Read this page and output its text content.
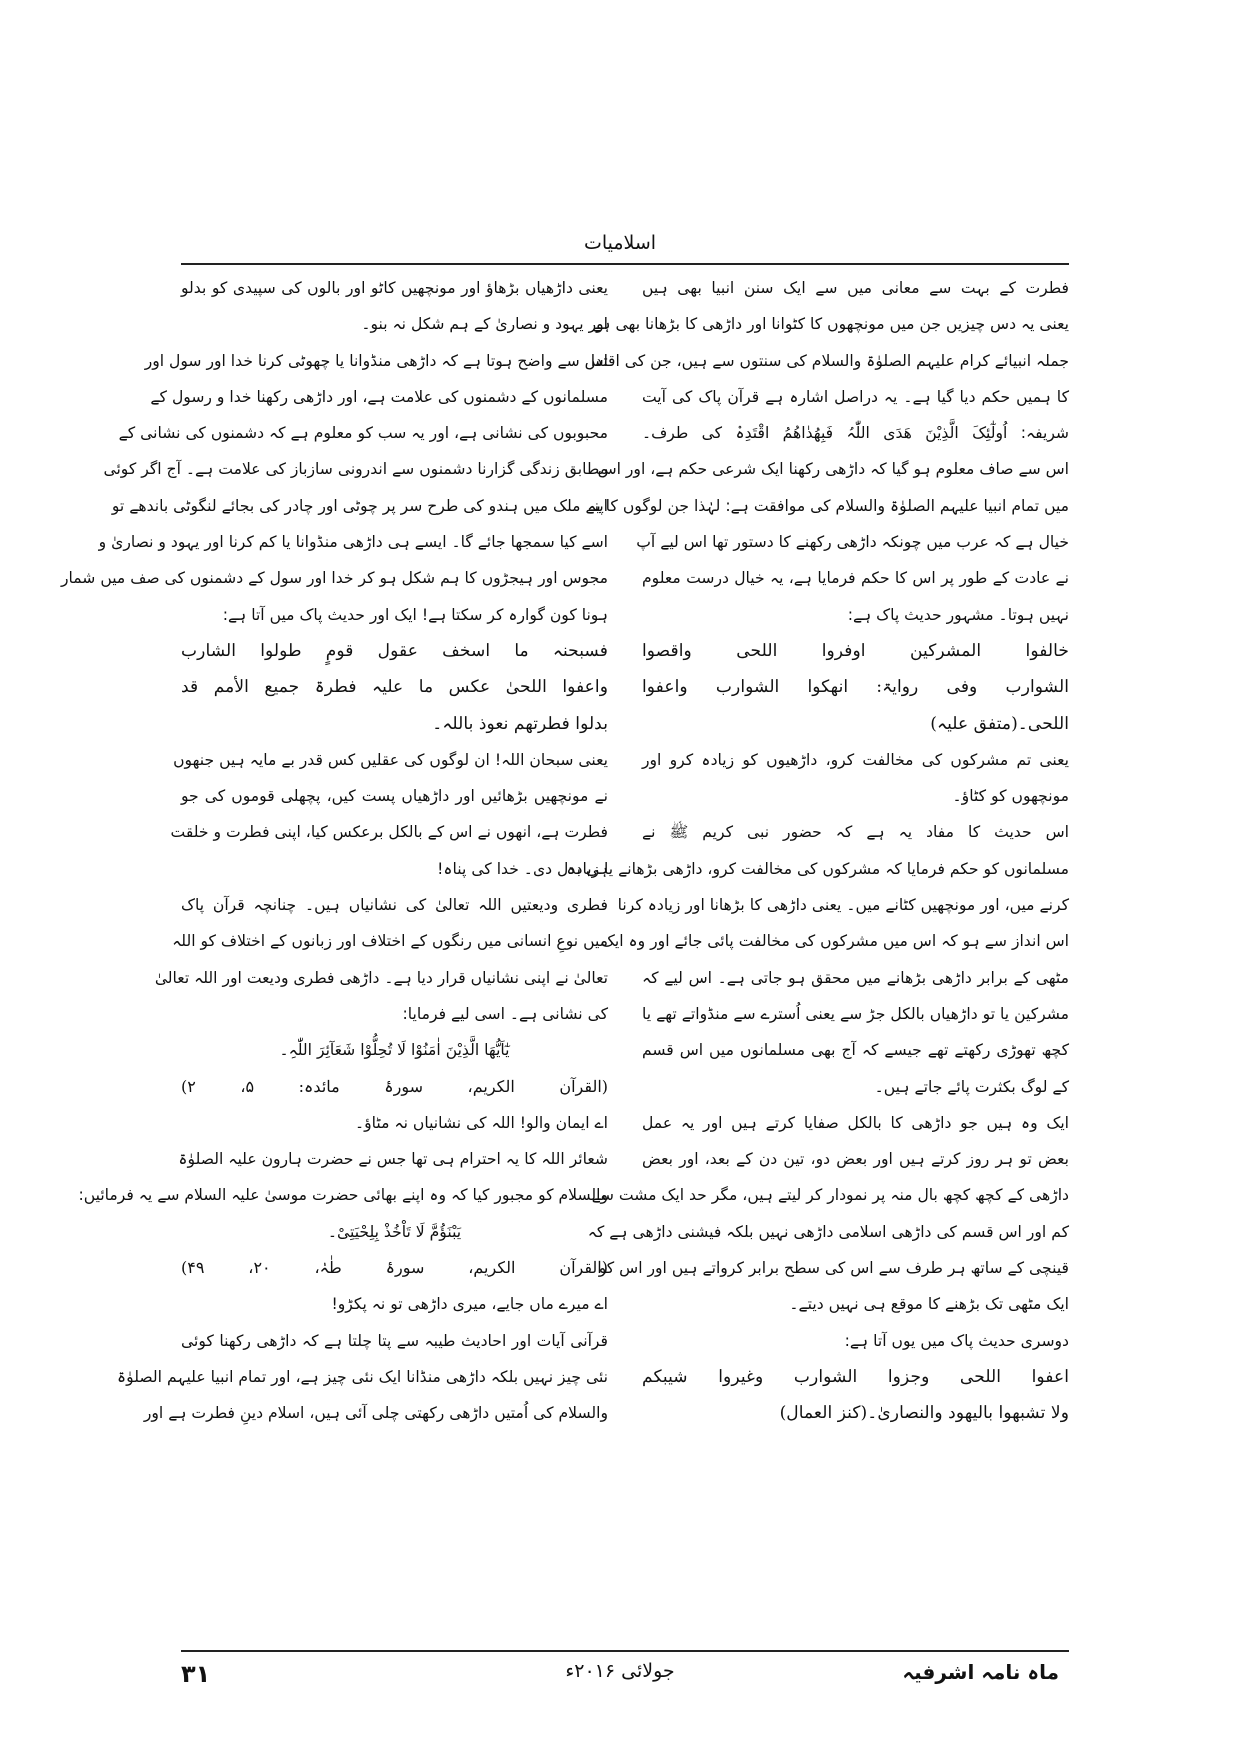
اسلامیات
فطرت کے بہت سے معانی میں سے ایک سنن انبیا بھی ہیں
یعنی یہ دس چیزیں جن میں مونچھوں کا کٹوانا اور داڑھی کا بڑھانا بھی ہے
جملہ انبیائے کرام علیہم الصلوٰۃ والسلام کی سنتوں سے ہیں، جن کی اقتدا
کا ہمیں حکم دیا گیا ہے۔ یہ دراصل اشارہ ہے قرآن پاک کی آیت
شریفہ: اُولٰٓئِکَ الَّذِیْنَ ھَدَی اللّٰہُ فَبِھُدٰاھُمُ اقْتَدِہْ کی طرف۔
اس سے صاف معلوم ہو گیا کہ داڑھی رکھنا ایک شرعی حکم ہے، اور اس
میں تمام انبیا علیہم الصلوٰۃ والسلام کی موافقت ہے: لہٰذا جن لوگوں کا یہ
خیال ہے کہ عرب میں چونکہ داڑھی رکھنے کا دستور تھا اس لیے آپ
نے عادت کے طور پر اس کا حکم فرمایا ہے، یہ خیال درست معلوم
نہیں ہوتا۔ مشہور حدیث پاک ہے:
خالفوا المشرکین اوفروا اللحی واقصوا
الشوارب وفی روایۃ: انھکوا الشوارب واعفوا
اللحی۔(متفق علیہ)
یعنی تم مشرکوں کی مخالفت کرو، داڑھیوں کو زیادہ کرو اور
مونچھوں کو کٹاؤ۔
اس حدیث کا مفاد یہ ہے کہ حضور نبی کریم ﷺ نے
مسلمانوں کو حکم فرمایا کہ مشرکوں کی مخالفت کرو، داڑھی بڑھانے یا زیادہ
کرنے میں، اور مونچھیں کٹانے میں۔ یعنی داڑھی کا بڑھانا اور زیادہ کرنا
اس انداز سے ہو کہ اس میں مشرکوں کی مخالفت پائی جائے اور وہ ایک
مٹھی کے برابر داڑھی بڑھانے میں محقق ہو جاتی ہے۔ اس لیے کہ
مشرکین یا تو داڑھیاں بالکل جڑ سے یعنی اُسترے سے منڈواتے تھے یا
کچھ تھوڑی رکھتے تھے جیسے کہ آج بھی مسلمانوں میں اس قسم
کے لوگ بکثرت پائے جاتے ہیں۔
ایک وہ ہیں جو داڑھی کا بالکل صفایا کرتے ہیں اور یہ عمل
بعض تو ہر روز کرتے ہیں اور بعض دو، تین دن کے بعد، اور بعض
داڑھی کے کچھ کچھ بال منہ پر نمودار کر لیتے ہیں، مگر حد ایک مشت سے
کم اور اس قسم کی داڑھی اسلامی داڑھی نہیں بلکہ فیشنی داڑھی ہے کہ
قینچی کے ساتھ ہر طرف سے اس کی سطح برابر کرواتے ہیں اور اس کو
ایک مٹھی تک بڑھنے کا موقع ہی نہیں دیتے۔
دوسری حدیث پاک میں یوں آتا ہے:
اعفوا اللحی وجزوا الشوارب وغیروا شیبکم
ولا تشبھوا بالیھود والنصاریٰ۔(کنز العمال)
یعنی داڑھیاں بڑھاؤ اور مونچھیں کاٹو اور بالوں کی سپیدی کو بدلو
اور یہود و نصاریٰ کے ہم شکل نہ بنو۔
اس سے واضح ہوتا ہے کہ داڑھی منڈوانا یا چھوٹی کرنا خدا اور سول اور
مسلمانوں کے دشمنوں کی علامت ہے، اور داڑھی رکھنا خدا و رسول کے
محبوبوں کی نشانی ہے، اور یہ سب کو معلوم ہے کہ دشمنوں کی نشانی کے
مطابق زندگی گزارنا دشمنوں سے اندرونی سازباز کی علامت ہے۔ آج اگر کوئی
اپنے ملک میں ہندو کی طرح سر پر چوٹی اور چادر کی بجائے لنگوٹی باندھے تو
اسے کیا سمجھا جائے گا۔ ایسے ہی داڑھی منڈوانا یا کم کرنا اور یہود و نصاریٰ و
مجوس اور ہیجڑوں کا ہم شکل ہو کر خدا اور سول کے دشمنوں کی صف میں شمار
ہونا کون گوارہ کر سکتا ہے! ایک اور حدیث پاک میں آتا ہے:
فسبحنہ ما اسخف عقول قومٍ طولوا الشارب
واعفوا اللحیٰ عکس ما علیہ فطرۃ جمیع الأمم قد
بدلوا فطرتھم نعوذ باللہ۔
یعنی سبحان اللہ! ان لوگوں کی عقلیں کس قدر بے مایہ ہیں جنھوں
نے مونچھیں بڑھائیں اور داڑھیاں پست کیں، پچھلی قوموں کی جو
فطرت ہے، انھوں نے اس کے بالکل برعکس کیا، اپنی فطرت و خلقت
ہی بدل دی۔ خدا کی پناہ!
فطری ودیعتیں اللہ تعالیٰ کی نشانیاں ہیں۔ چنانچہ قرآن پاک
میں نوعِ انسانی میں رنگوں کے اختلاف اور زبانوں کے اختلاف کو اللہ
تعالیٰ نے اپنی نشانیاں قرار دیا ہے۔ داڑھی فطری ودیعت اور اللہ تعالیٰ
کی نشانی ہے۔ اسی لیے فرمایا:
یٰٓاَیُّھَا الَّذِیْنَ اٰمَنُوْا لَا تُحِلُّوْا شَعَآئِرَ اللّٰہِ۔
(القرآن الکریم، سورۂ مائدہ: ۵، ۲)
اے ایمان والو! اللہ کی نشانیاں نہ مٹاؤ۔
شعائر اللہ کا یہ احترام ہی تھا جس نے حضرت ہارون علیہ الصلوٰۃ
والسلام کو مجبور کیا کہ وہ اپنے بھائی حضرت موسیٰ علیہ السلام سے یہ فرمائیں:
یَبْنَؤُمَّ لَا تَاْخُذْ بِلِحْیَتِیْ۔
(القرآن الکریم، سورۂ طٰہٰ، ۲۰، ۴۹)
اے میرے ماں جایے، میری داڑھی تو نہ پکڑو!
قرآنی آیات اور احادیث طیبہ سے پتا چلتا ہے کہ داڑھی رکھنا کوئی
نئی چیز نہیں بلکہ داڑھی منڈانا ایک نئی چیز ہے، اور تمام انبیا علیہم الصلوٰۃ
والسلام کی اُمتیں داڑھی رکھتی چلی آئی ہیں، اسلام دینِ فطرت ہے اور
ماہ نامہ اشرفیہ
جولائی ۲۰۱۶ء
۳۱
